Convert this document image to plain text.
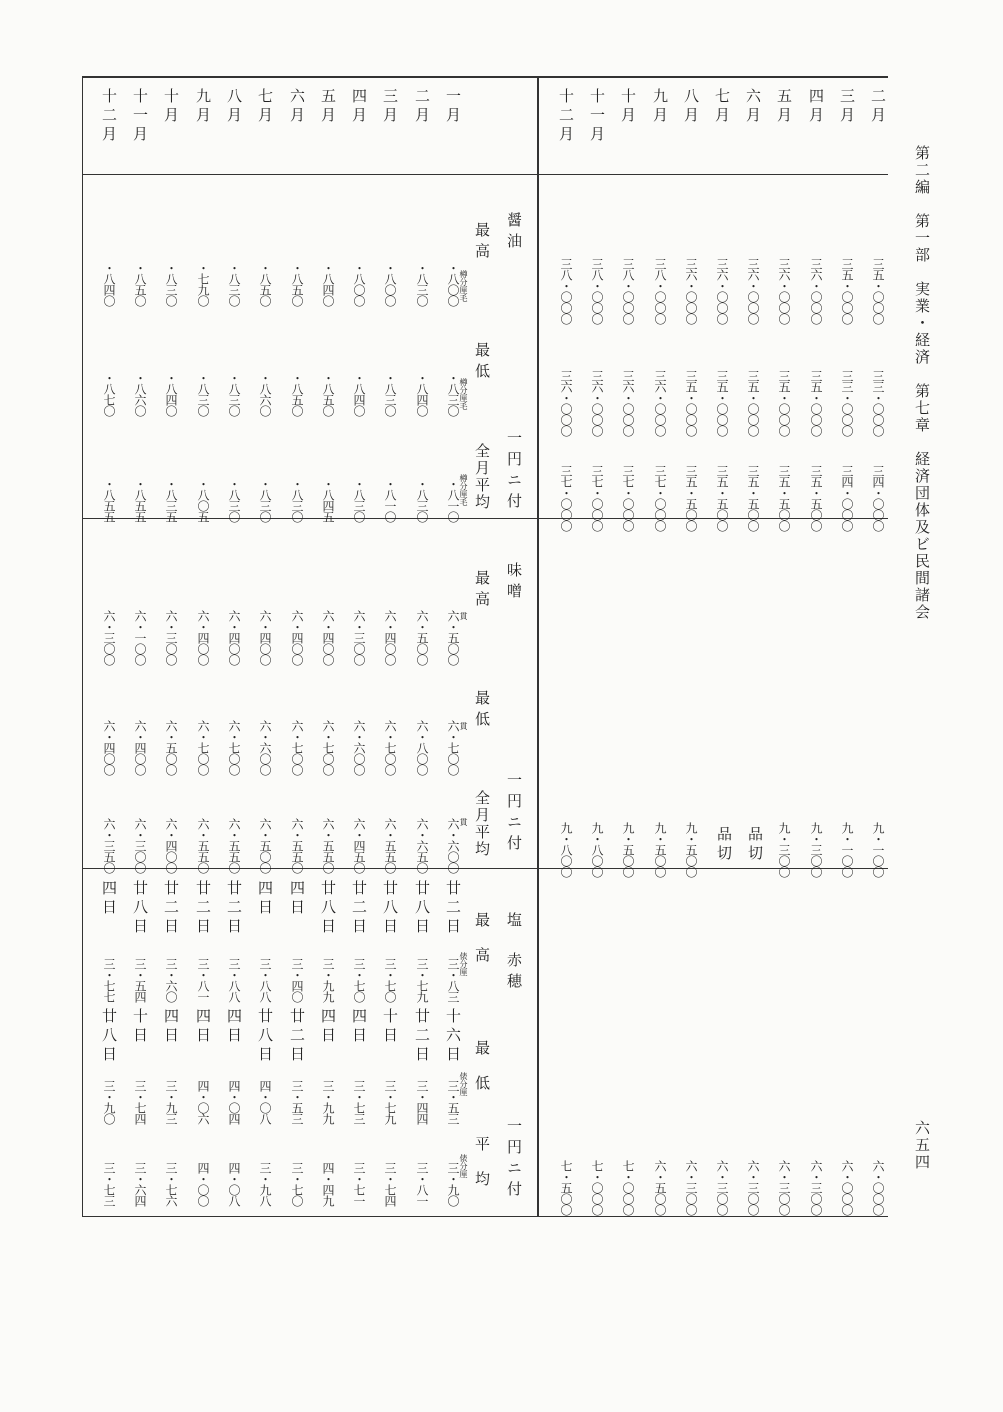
第二編　第一部　実業・経済　第七章　経済団体及ビ民間諸会
六五四
醤油
一円ニ付
最高
最低
全月平均
味噌
一円ニ付
最高
最低
全月平均
塩
赤穂
一円ニ付
最高
最低
平均
一月
・八〇〇
・八三〇
・八一〇
六・五〇〇
六・七〇〇
六・六〇〇
廿二日
三・八三
十六日
三・五三
三・九〇
二月
・八三〇
・八四〇
・八三〇
六・五〇〇
六・八〇〇
六・六五〇
廿八日
三・七九
廿二日
三・四四
三・八一
三月
・八〇〇
・八三〇
・八一〇
六・四〇〇
六・七〇〇
六・五五〇
廿八日
三・七〇
十日
三・七九
三・七四
四月
・八〇〇
・八四〇
・八三〇
六・三〇〇
六・六〇〇
六・四五〇
廿二日
三・七〇
四日
三・七三
三・七一
五月
・八四〇
・八五〇
・八四五
六・四〇〇
六・七〇〇
六・五五〇
廿八日
三・九九
四日
三・九九
四・四九
六月
・八五〇
・八五〇
・八三〇
六・四〇〇
六・七〇〇
六・五五〇
四日
三・四〇
廿二日
三・五三
三・七〇
七月
・八五〇
・八六〇
・八三〇
六・四〇〇
六・六〇〇
六・五〇〇
四日
三・八八
廿八日
四・〇八
三・九八
八月
・八三〇
・八三〇
・八三〇
六・四〇〇
六・七〇〇
六・五五〇
廿二日
三・八八
四日
四・〇四
四・〇八
九月
・七九〇
・八三〇
・八〇五
六・四〇〇
六・七〇〇
六・五五〇
廿二日
三・八一
四日
四・〇六
四・〇〇
十月
・八三〇
・八四〇
・八三五
六・三〇〇
六・五〇〇
六・四〇〇
廿二日
三・六〇
四日
三・九三
三・七六
十一月
・八五〇
・八六〇
・八五五
六・一〇〇
六・四〇〇
六・三〇〇
廿八日
三・五四
十日
三・七四
三・六四
十二月
・八四〇
・八七〇
・八五五
六・三〇〇
六・四〇〇
六・三五〇
四日
三・七七
廿八日
三・九〇
三・七三
樽分厘毛
樽分厘毛
樽分厘毛
貫
貫
貫
俵分厘
俵分厘
俵分厘
二月
三五・〇〇〇
三三・〇〇〇
三四・〇〇〇
九・一〇〇
六・〇〇〇
三月
三五・〇〇〇
三三・〇〇〇
三四・〇〇〇
九・一〇〇
六・〇〇〇
四月
三六・〇〇〇
三五・〇〇〇
三五・五〇〇
九・三〇〇
六・三〇〇
五月
三六・〇〇〇
三五・〇〇〇
三五・五〇〇
九・三〇〇
六・三〇〇
六月
三六・〇〇〇
三五・〇〇〇
三五・五〇〇
品切
六・三〇〇
七月
三六・〇〇〇
三五・〇〇〇
三五・五〇〇
品切
六・三〇〇
八月
三六・〇〇〇
三五・〇〇〇
三五・五〇〇
九・五〇〇
六・三〇〇
九月
三八・〇〇〇
三六・〇〇〇
三七・〇〇〇
九・五〇〇
六・五〇〇
十月
三八・〇〇〇
三六・〇〇〇
三七・〇〇〇
九・五〇〇
七・〇〇〇
十一月
三八・〇〇〇
三六・〇〇〇
三七・〇〇〇
九・八〇〇
七・〇〇〇
十二月
三八・〇〇〇
三六・〇〇〇
三七・〇〇〇
九・八〇〇
七・五〇〇
